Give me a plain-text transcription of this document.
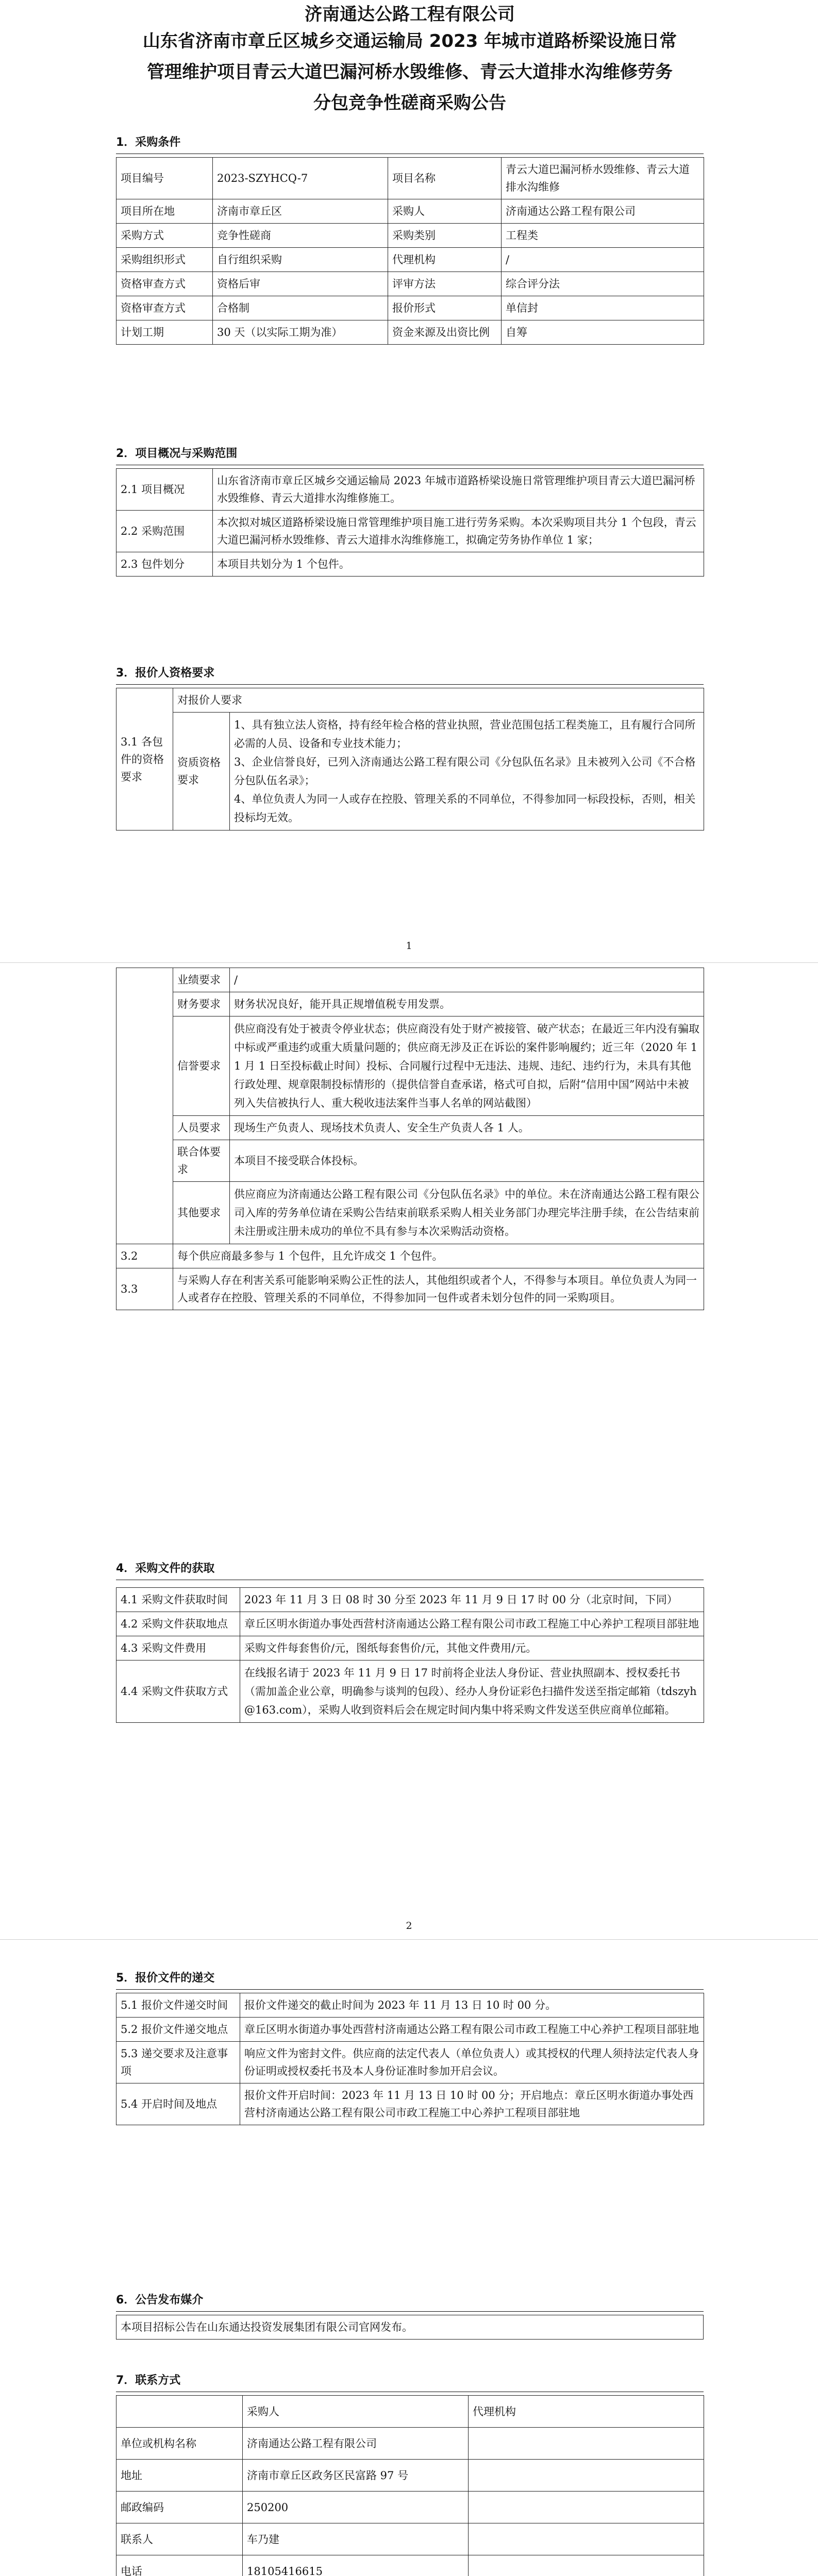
济南通达公路工程有限公司
山东省济南市章丘区城乡交通运输局 2023 年城市道路桥梁设施日常
管理维护项目青云大道巴漏河桥水毁维修、青云大道排水沟维修劳务
分包竞争性磋商采购公告
1．采购条件
项目编号	2023-SZYHCQ-7	项目名称	青云大道巴漏河桥水毁维修、青云大道排水沟维修
项目所在地	济南市章丘区	采购人	济南通达公路工程有限公司
采购方式	竞争性磋商	采购类别	工程类
采购组织形式	自行组织采购	代理机构	/
资格审查方式	资格后审	评审方法	综合评分法
资格审查方式	合格制	报价形式	单信封
计划工期	30 天（以实际工期为准）	资金来源及出资比例	自筹
2．项目概况与采购范围
2.1 项目概况	山东省济南市章丘区城乡交通运输局 2023 年城市道路桥梁设施日常管理维护项目青云大道巴漏河桥水毁维修、青云大道排水沟维修施工。
2.2 采购范围	本次拟对城区道路桥梁设施日常管理维护项目施工进行劳务采购。本次采购项目共分 1 个包段，青云大道巴漏河桥水毁维修、青云大道排水沟维修施工，拟确定劳务协作单位 1 家；
2.3 包件划分	本项目共划分为 1 个包件。
3．报价人资格要求
3.1 各包件的资格要求	对报价人要求	
	资质资格要求	1、具有独立法人资格，持有经年检合格的营业执照，营业范围包括工程类施工，且有履行合同所必需的人员、设备和专业技术能力；
3、企业信誉良好，已列入济南通达公路工程有限公司《分包队伍名录》且未被列入公司《不合格分包队伍名录》；
4、单位负责人为同一人或存在控股、管理关系的不同单位，不得参加同一标段投标，否则，相关投标均无效。
1
	业绩要求	/
	财务要求	财务状况良好，能开具正规增值税专用发票。
	信誉要求	供应商没有处于被责令停业状态；供应商没有处于财产被接管、破产状态；在最近三年内没有骗取中标或严重违约或重大质量问题的；供应商无涉及正在诉讼的案件影响履约；近三年（2020 年 11 月 1 日至投标截止时间）投标、合同履行过程中无违法、违规、违纪、违约行为，未具有其他行政处理、规章限制投标情形的（提供信誉自查承诺，格式可自拟，后附“信用中国”网站中未被列入失信被执行人、重大税收违法案件当事人名单的网站截图）
	人员要求	现场生产负责人、现场技术负责人、安全生产负责人各 1 人。
	联合体要求	本项目不接受联合体投标。
	其他要求	供应商应为济南通达公路工程有限公司《分包队伍名录》中的单位。未在济南通达公路工程有限公司入库的劳务单位请在采购公告结束前联系采购人相关业务部门办理完毕注册手续，在公告结束前未注册或注册未成功的单位不具有参与本次采购活动资格。
3.2	每个供应商最多参与 1 个包件，且允许成交 1 个包件。	
3.3	与采购人存在利害关系可能影响采购公正性的法人，其他组织或者个人，不得参与本项目。单位负责人为同一人或者存在控股、管理关系的不同单位，不得参加同一包件或者未划分包件的同一采购项目。	
4．采购文件的获取
4.1 采购文件获取时间	2023 年 11 月 3 日 08 时 30 分至 2023 年 11 月 9 日 17 时 00 分（北京时间，下同）
4.2 采购文件获取地点	章丘区明水街道办事处西营村济南通达公路工程有限公司市政工程施工中心养护工程项目部驻地
4.3 采购文件费用	采购文件每套售价/元，图纸每套售价/元，其他文件费用/元。
4.4 采购文件获取方式	在线报名请于 2023 年 11 月 9 日 17 时前将企业法人身份证、营业执照副本、授权委托书（需加盖企业公章，明确参与谈判的包段）、经办人身份证彩色扫描件发送至指定邮箱（tdszyh@163.com），采购人收到资料后会在规定时间内集中将采购文件发送至供应商单位邮箱。
2
5．报价文件的递交
5.1 报价文件递交时间	报价文件递交的截止时间为 2023 年 11 月 13 日 10 时 00 分。
5.2 报价文件递交地点	章丘区明水街道办事处西营村济南通达公路工程有限公司市政工程施工中心养护工程项目部驻地
5.3 递交要求及注意事项	响应文件为密封文件。供应商的法定代表人（单位负责人）或其授权的代理人须持法定代表人身份证明或授权委托书及本人身份证准时参加开启会议。
5.4 开启时间及地点	报价文件开启时间：2023 年 11 月 13 日 10 时 00 分；开启地点：章丘区明水街道办事处西营村济南通达公路工程有限公司市政工程施工中心养护工程项目部驻地
6．公告发布媒介
本项目招标公告在山东通达投资发展集团有限公司官网发布。
7．联系方式
	采购人	代理机构
单位或机构名称	济南通达公路工程有限公司	
地址	济南市章丘区政务区民富路 97 号	
邮政编码	250200	
联系人	车乃建	
电话	18105416615	
